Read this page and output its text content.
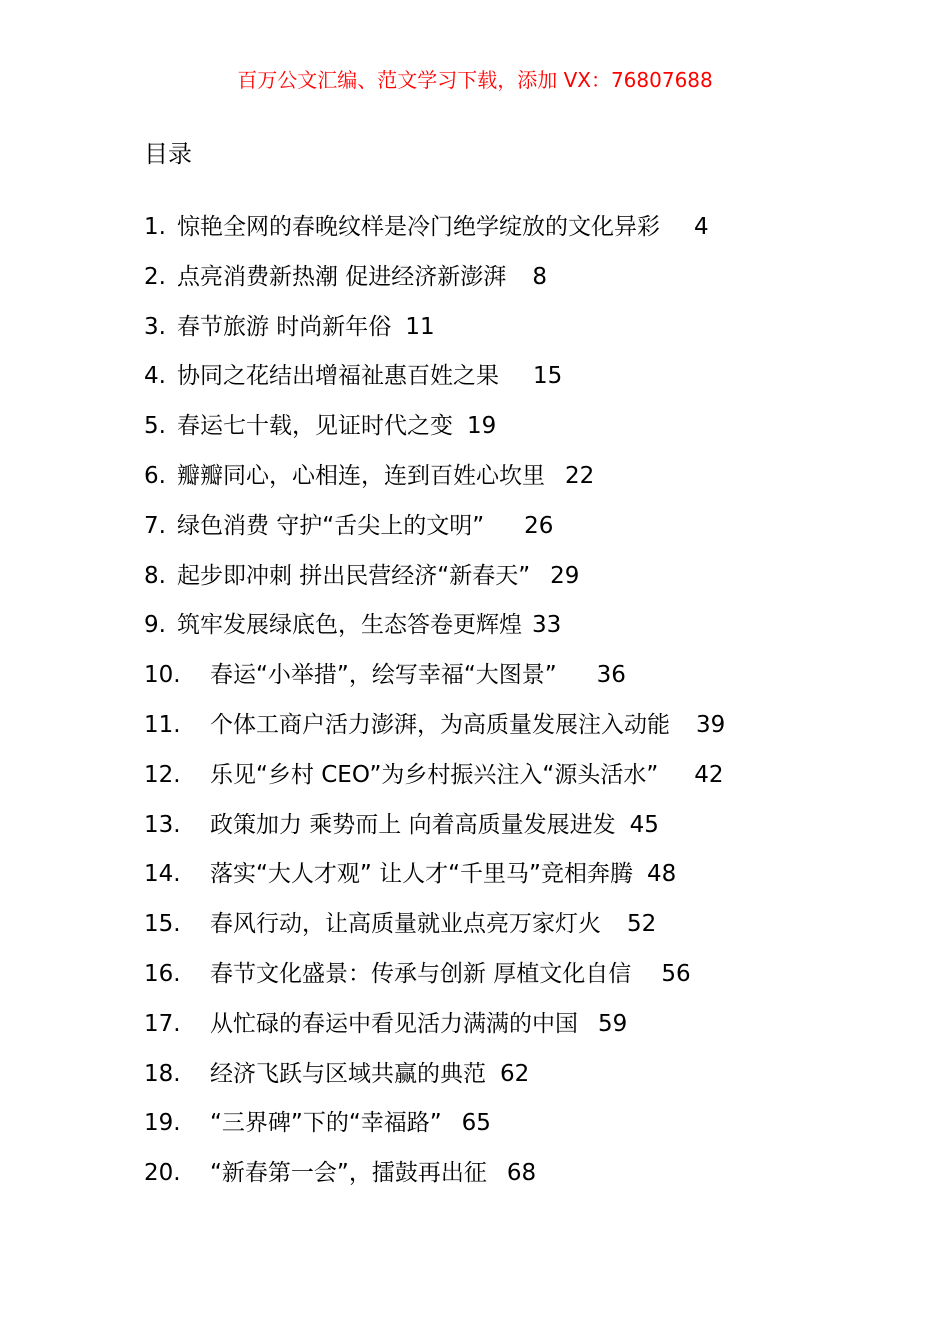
百万公文汇编、范文学习下载，添加 VX：76807688
目录
1. 惊艳全网的春晚纹样是冷门绝学绽放的文化异彩 4
2. 点亮消费新热潮 促进经济新澎湃 8
3. 春节旅游 时尚新年俗 11
4. 协同之花结出增福祉惠百姓之果 15
5. 春运七十载，见证时代之变 19
6. 瓣瓣同心，心相连，连到百姓心坎里 22
7. 绿色消费 守护“舌尖上的文明” 26
8. 起步即冲刺 拼出民营经济“新春天” 29
9. 筑牢发展绿底色，生态答卷更辉煌 33
10. 春运“小举措”，绘写幸福“大图景” 36
11. 个体工商户活力澎湃，为高质量发展注入动能 39
12. 乐见“乡村 CEO”为乡村振兴注入“源头活水” 42
13. 政策加力 乘势而上 向着高质量发展进发 45
14. 落实“大人才观” 让人才“千里马”竞相奔腾 48
15. 春风行动，让高质量就业点亮万家灯火 52
16. 春节文化盛景：传承与创新 厚植文化自信 56
17. 从忙碌的春运中看见活力满满的中国 59
18. 经济飞跃与区域共赢的典范 62
19. “三界碑”下的“幸福路” 65
20. “新春第一会”，擂鼓再出征 68
